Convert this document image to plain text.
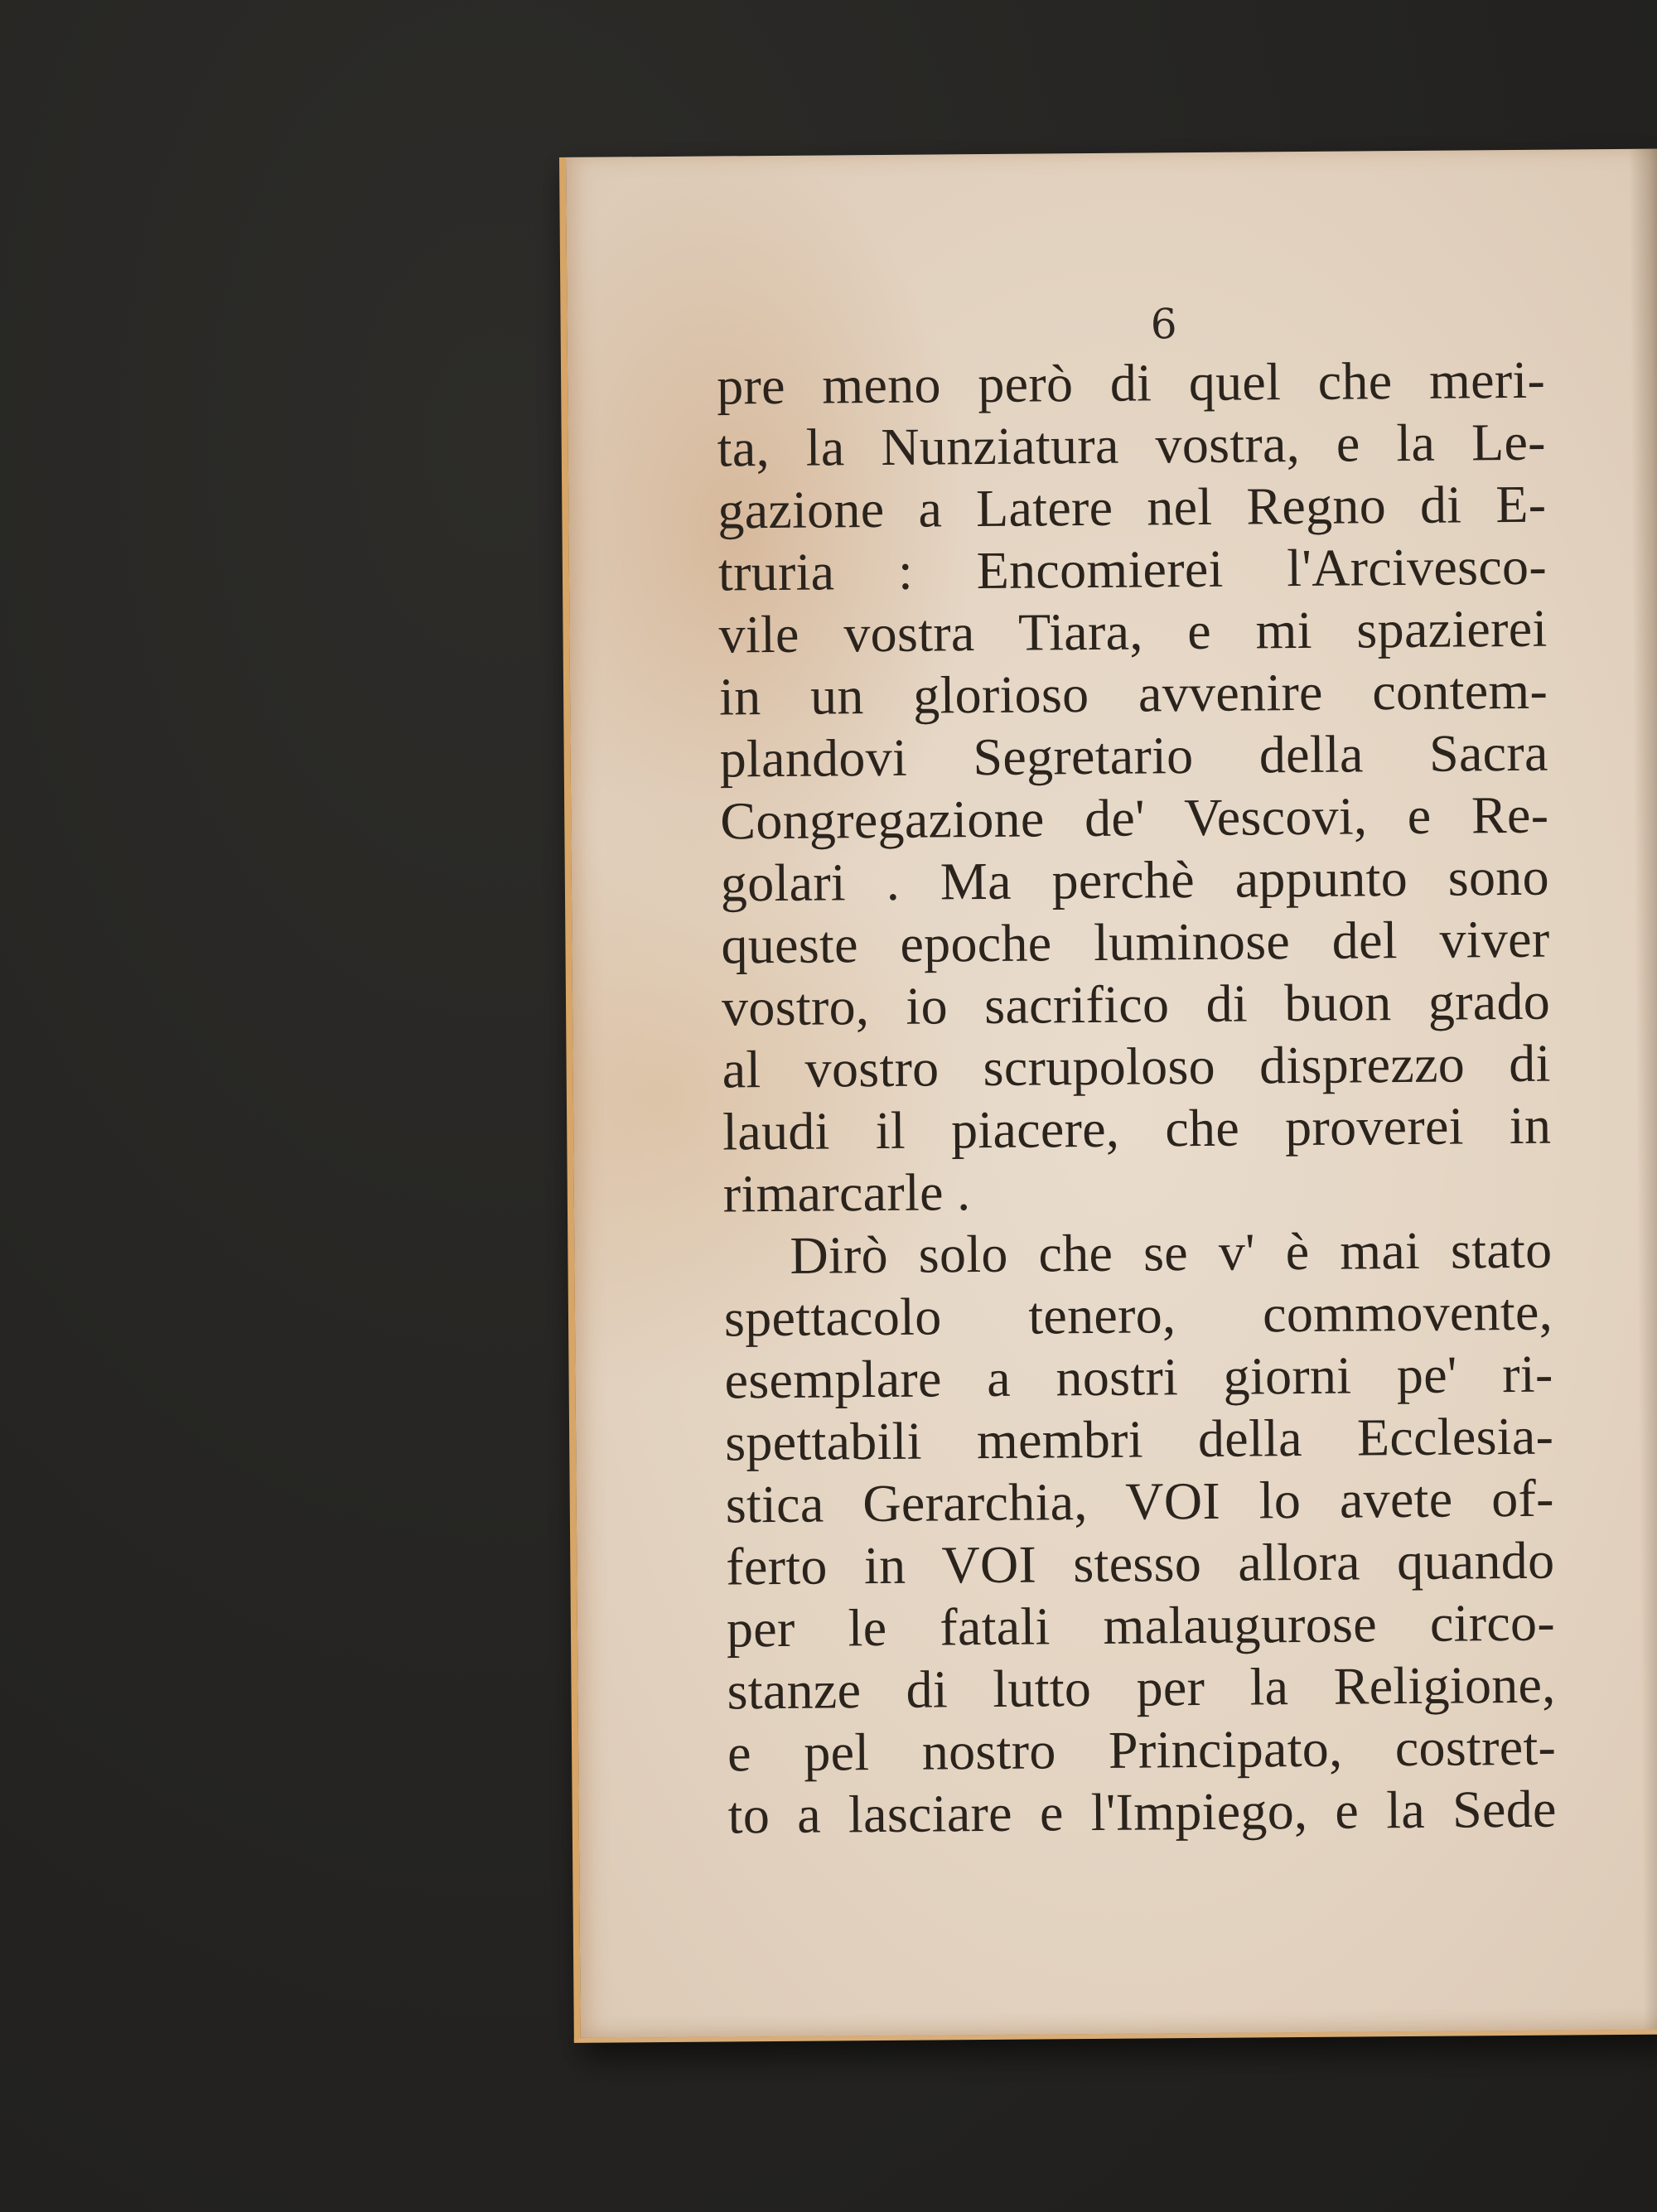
6

pre meno però di quel che meri-
ta, la Nunziatura vostra, e la Le-
gazione a Latere nel Regno di E-
truria : Encomierei l'Arcivesco-
vile vostra Tiara, e mi spazierei
in un glorioso avvenire contem-
plandovi Segretario della Sacra
Congregazione de' Vescovi, e Re-
golari . Ma perchè appunto sono
queste epoche luminose del viver
vostro, io sacrifico di buon grado
al vostro scrupoloso disprezzo di
laudi il piacere, che proverei in
rimarcarle .
Dirò solo che se v' è mai stato
spettacolo tenero, commovente,
esemplare a nostri giorni pe' ri-
spettabili membri della Ecclesia-
stica Gerarchia, VOI lo avete of-
ferto in VOI stesso allora quando
per le fatali malaugurose circo-
stanze di lutto per la Religione,
e pel nostro Principato, costret-
to a lasciare e l'Impiego, e la Sede
